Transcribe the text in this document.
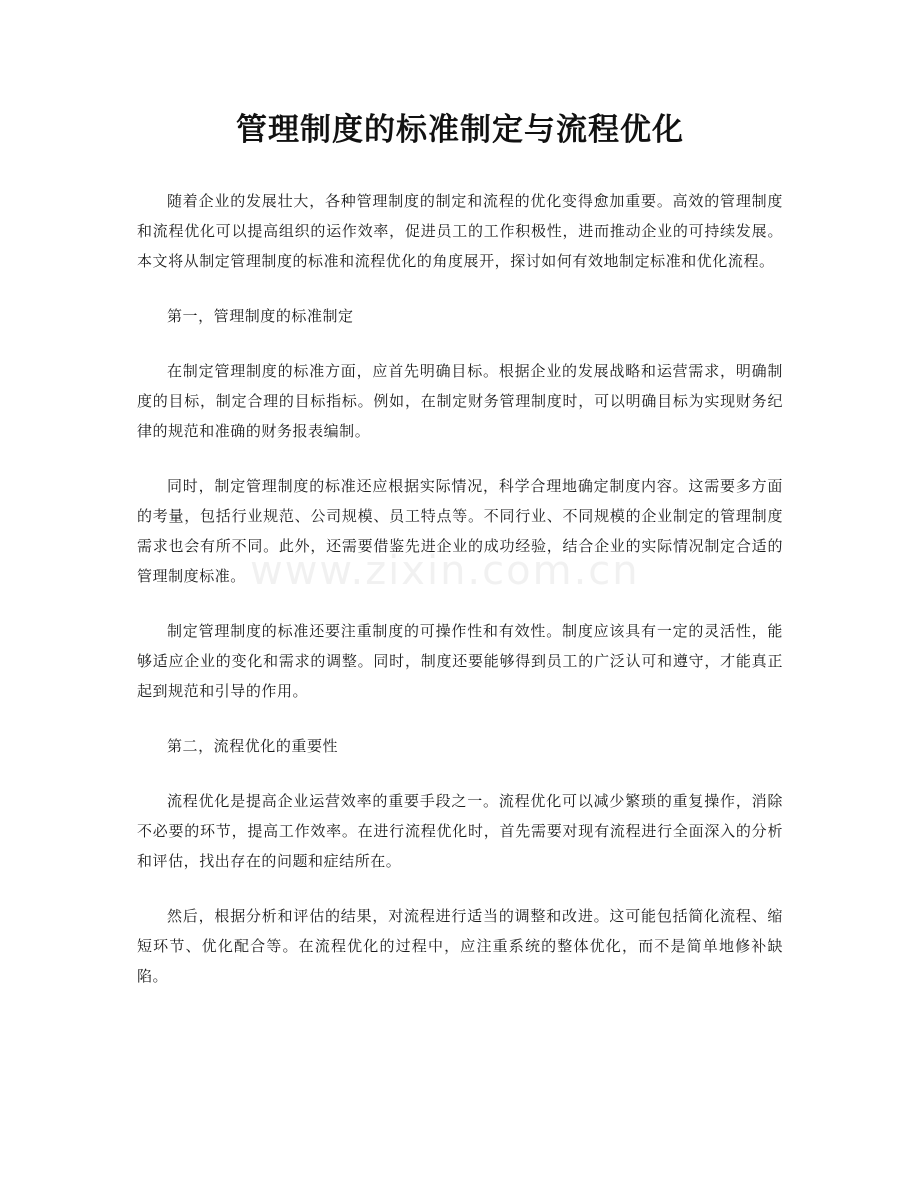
www.zixin.com.cn
管理制度的标准制定与流程优化

随着企业的发展壮大，各种管理制度的制定和流程的优化变得愈加重要。高效的管理制度和流程优化可以提高组织的运作效率，促进员工的工作积极性，进而推动企业的可持续发展。本文将从制定管理制度的标准和流程优化的角度展开，探讨如何有效地制定标准和优化流程。

第一，管理制度的标准制定

在制定管理制度的标准方面，应首先明确目标。根据企业的发展战略和运营需求，明确制度的目标，制定合理的目标指标。例如，在制定财务管理制度时，可以明确目标为实现财务纪律的规范和准确的财务报表编制。

同时，制定管理制度的标准还应根据实际情况，科学合理地确定制度内容。这需要多方面的考量，包括行业规范、公司规模、员工特点等。不同行业、不同规模的企业制定的管理制度需求也会有所不同。此外，还需要借鉴先进企业的成功经验，结合企业的实际情况制定合适的管理制度标准。

制定管理制度的标准还要注重制度的可操作性和有效性。制度应该具有一定的灵活性，能够适应企业的变化和需求的调整。同时，制度还要能够得到员工的广泛认可和遵守，才能真正起到规范和引导的作用。

第二，流程优化的重要性

流程优化是提高企业运营效率的重要手段之一。流程优化可以减少繁琐的重复操作，消除不必要的环节，提高工作效率。在进行流程优化时，首先需要对现有流程进行全面深入的分析和评估，找出存在的问题和症结所在。

然后，根据分析和评估的结果，对流程进行适当的调整和改进。这可能包括简化流程、缩短环节、优化配合等。在流程优化的过程中，应注重系统的整体优化，而不是简单地修补缺陷。
